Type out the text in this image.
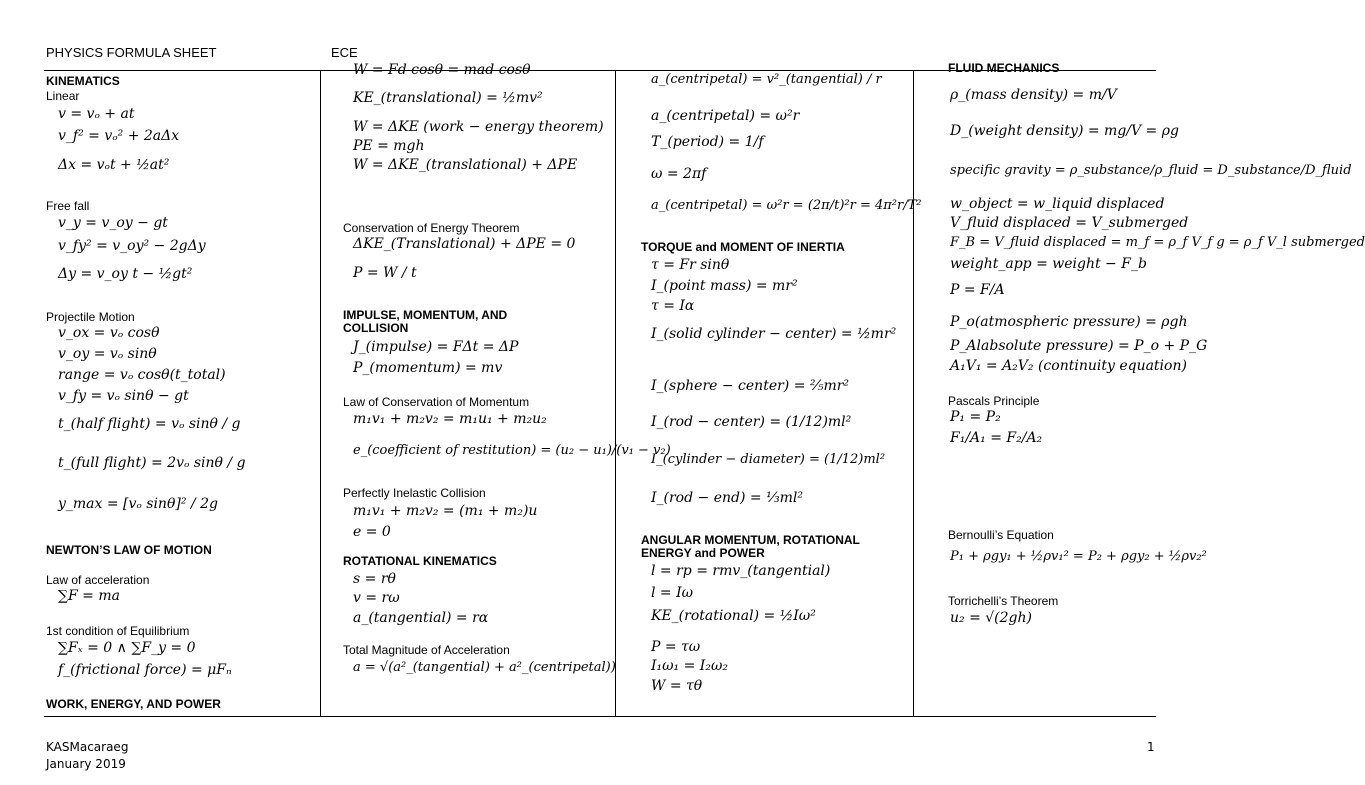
PHYSICS FORMULA SHEET	ECE
KINEMATICS
Linear
v = vₒ + at
v_f² = vₒ² + 2aΔx
Δx = vₒt + ½at²
Free fall
v_y = v_oy − gt
v_fy² = v_oy² − 2gΔy
Δy = v_oy t − ½gt²
Projectile Motion
v_ox = vₒ cosθ
v_oy = vₒ sinθ
range = vₒ cosθ(t_total)
v_fy = vₒ sinθ − gt
t_(half flight) = vₒ sinθ / g
t_(full flight) = 2vₒ sinθ / g
y_max = [vₒ sinθ]² / 2g
NEWTON’S LAW OF MOTION
Law of acceleration
∑F = ma
1st condition of Equilibrium
∑Fₓ = 0 ∧ ∑F_y = 0
f_(frictional force) = μFₙ
WORK, ENERGY, AND POWER
W = Fd cosθ = mad cosθ
KE_(translational) = ½mv²
W = ΔKE (work − energy theorem)
PE = mgh
W = ΔKE_(translational) + ΔPE
Conservation of Energy Theorem
ΔKE_(Translational) + ΔPE = 0
P = W / t
IMPULSE, MOMENTUM, AND
COLLISION
J_(impulse) = FΔt = ΔP
P_(momentum) = mv
Law of Conservation of Momentum
m₁v₁ + m₂v₂ = m₁u₁ + m₂u₂
e_(coefficient of restitution) = (u₂ − u₁)/(v₁ − v₂)
Perfectly Inelastic Collision
m₁v₁ + m₂v₂ = (m₁ + m₂)u
e = 0
ROTATIONAL KINEMATICS
s = rθ
v = rω
a_(tangential) = rα
Total Magnitude of Acceleration
a = √(a²_(tangential) + a²_(centripetal))
a_(centripetal) = v²_(tangential) / r
a_(centripetal) = ω²r
T_(period) = 1/f
ω = 2πf
a_(centripetal) = ω²r = (2π/t)²r = 4π²r/T²
TORQUE and MOMENT OF INERTIA
τ = Fr sinθ
I_(point mass) = mr²
τ = Iα
I_(solid cylinder − center) = ½mr²
I_(sphere − center) = ⅖mr²
I_(rod − center) = (1/12)ml²
I_(cylinder − diameter) = (1/12)ml²
I_(rod − end) = ⅓ml²
ANGULAR MOMENTUM, ROTATIONAL
ENERGY and POWER
l = rp = rmv_(tangential)
l = Iω
KE_(rotational) = ½Iω²
P = τω
I₁ω₁ = I₂ω₂
W = τθ
FLUID MECHANICS
ρ_(mass density) = m/V
D_(weight density) = mg/V = ρg
specific gravity = ρ_substance/ρ_fluid = D_substance/D_fluid
w_object = w_liquid displaced
V_fluid displaced = V_submerged
F_B = V_fluid displaced = m_f = ρ_f V_f g = ρ_f V_l submerged
weight_app = weight − F_b
P = F/A
P_o(atmospheric pressure) = ρgh
P_Alabsolute pressure) = P_o + P_G
A₁V₁ = A₂V₂ (continuity equation)
Pascals Principle
P₁ = P₂
F₁/A₁ = F₂/A₂
Bernoulli’s Equation
P₁ + ρgy₁ + ½ρv₁² = P₂ + ρgy₂ + ½ρv₂²
Torrichelli’s Theorem
u₂ = √(2gh)
KASMacaraeg
January 2019
1
